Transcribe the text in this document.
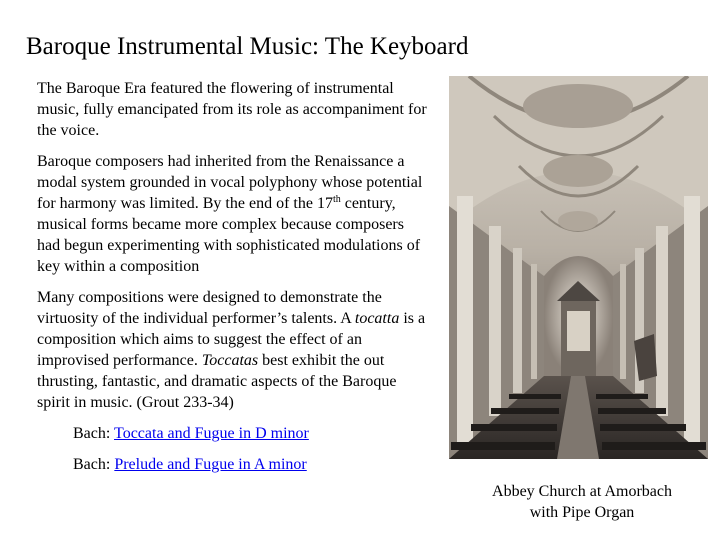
Baroque Instrumental Music: The Keyboard

The Baroque Era featured the flowering of instrumental music, fully emancipated from its role as accompaniment for the voice.

Baroque composers had inherited from the Renaissance a modal system grounded in vocal polyphony whose potential for harmony was limited. By the end of the 17th century, musical forms became more complex because composers had begun experimenting with sophisticated modulations of key within a composition

Many compositions were designed to demonstrate the virtuosity of the individual performer’s talents. A tocatta is a composition which aims to suggest the effect of an improvised performance. Toccatas best exhibit the out thrusting, fantastic, and dramatic aspects of the Baroque spirit in music. (Grout 233-34)

Bach: Toccata and Fugue in D minor
Bach: Prelude and Fugue in A minor
Abbey Church at Amorbach
with Pipe Organ
